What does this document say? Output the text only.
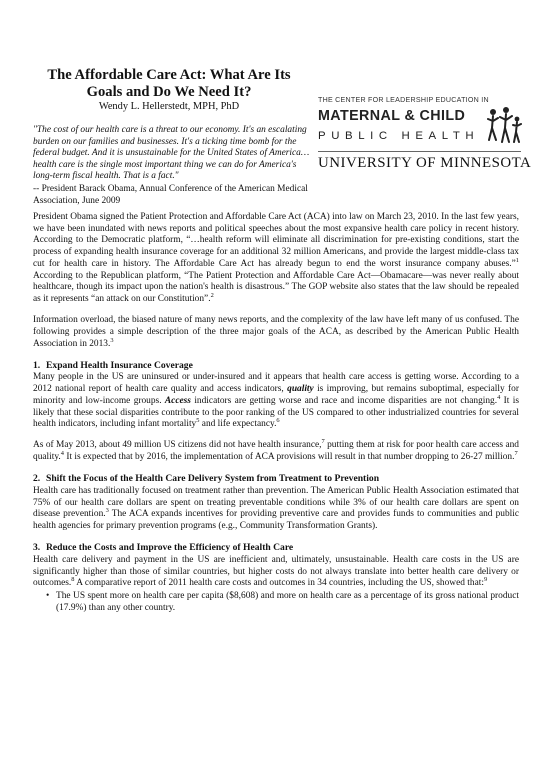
The Affordable Care Act: What Are Its Goals and Do We Need It?
Wendy L. Hellerstedt, MPH, PhD

"The cost of our health care is a threat to our economy. It's an escalating burden on our families and businesses. It's a ticking time bomb for the federal budget. And it is unsustainable for the United States of America…health care is the single most important thing we can do for America's long-term fiscal health. That is a fact."

-- President Barack Obama, Annual Conference of the American Medical Association, June 2009

THE CENTER FOR LEADERSHIP EDUCATION IN
MATERNAL & CHILD
PUBLIC HEALTH
UNIVERSITY OF MINNESOTA

President Obama signed the Patient Protection and Affordable Care Act (ACA) into law on March 23, 2010. In the last few years, we have been inundated with news reports and political speeches about the most expansive health care policy in recent history. According to the Democratic platform, “…health reform will eliminate all discrimination for pre-existing conditions, start the process of expanding health insurance coverage for an additional 32 million Americans, and provide the largest middle-class tax cut for health care in history. The Affordable Care Act has already begun to end the worst insurance company abuses.”$^1$ According to the Republican platform, “The Patient Protection and Affordable Care Act—Obamacare—was never really about healthcare, though its impact upon the nation's health is disastrous.” The GOP website also states that the law should be repealed as it represents “an attack on our Constitution”.$^2$

Information overload, the biased nature of many news reports, and the complexity of the law have left many of us confused. The following provides a simple description of the three major goals of the ACA, as described by the American Public Health Association in 2013.$^3$

1. Expand Health Insurance Coverage

Many people in the US are uninsured or under-insured and it appears that health care access is getting worse. According to a 2012 national report of health care quality and access indicators, quality is improving, but remains suboptimal, especially for minority and low-income groups. Access indicators are getting worse and race and income disparities are not changing.$^4$ It is likely that these social disparities contribute to the poor ranking of the US compared to other industrialized countries for several health indicators, including infant mortality$^5$ and life expectancy.$^6$

As of May 2013, about 49 million US citizens did not have health insurance,$^7$ putting them at risk for poor health care access and quality.$^4$ It is expected that by 2016, the implementation of ACA provisions will result in that number dropping to 26-27 million.$^7$

2. Shift the Focus of the Health Care Delivery System from Treatment to Prevention

Health care has traditionally focused on treatment rather than prevention. The American Public Health Association estimated that 75% of our health care dollars are spent on treating preventable conditions while 3% of our health care dollars are spent on disease prevention.$^3$ The ACA expands incentives for providing preventive care and provides funds to communities and public health agencies for primary prevention programs (e.g., Community Transformation Grants).

3. Reduce the Costs and Improve the Efficiency of Health Care

Health care delivery and payment in the US are inefficient and, ultimately, unsustainable. Health care costs in the US are significantly higher than those of similar countries, but higher costs do not always translate into better health care delivery or outcomes.$^8$ A comparative report of 2011 health care costs and outcomes in 34 countries, including the US, showed that:$^9$

• The US spent more on health care per capita ($8,608) and more on health care as a percentage of its gross national product (17.9%) than any other country.
